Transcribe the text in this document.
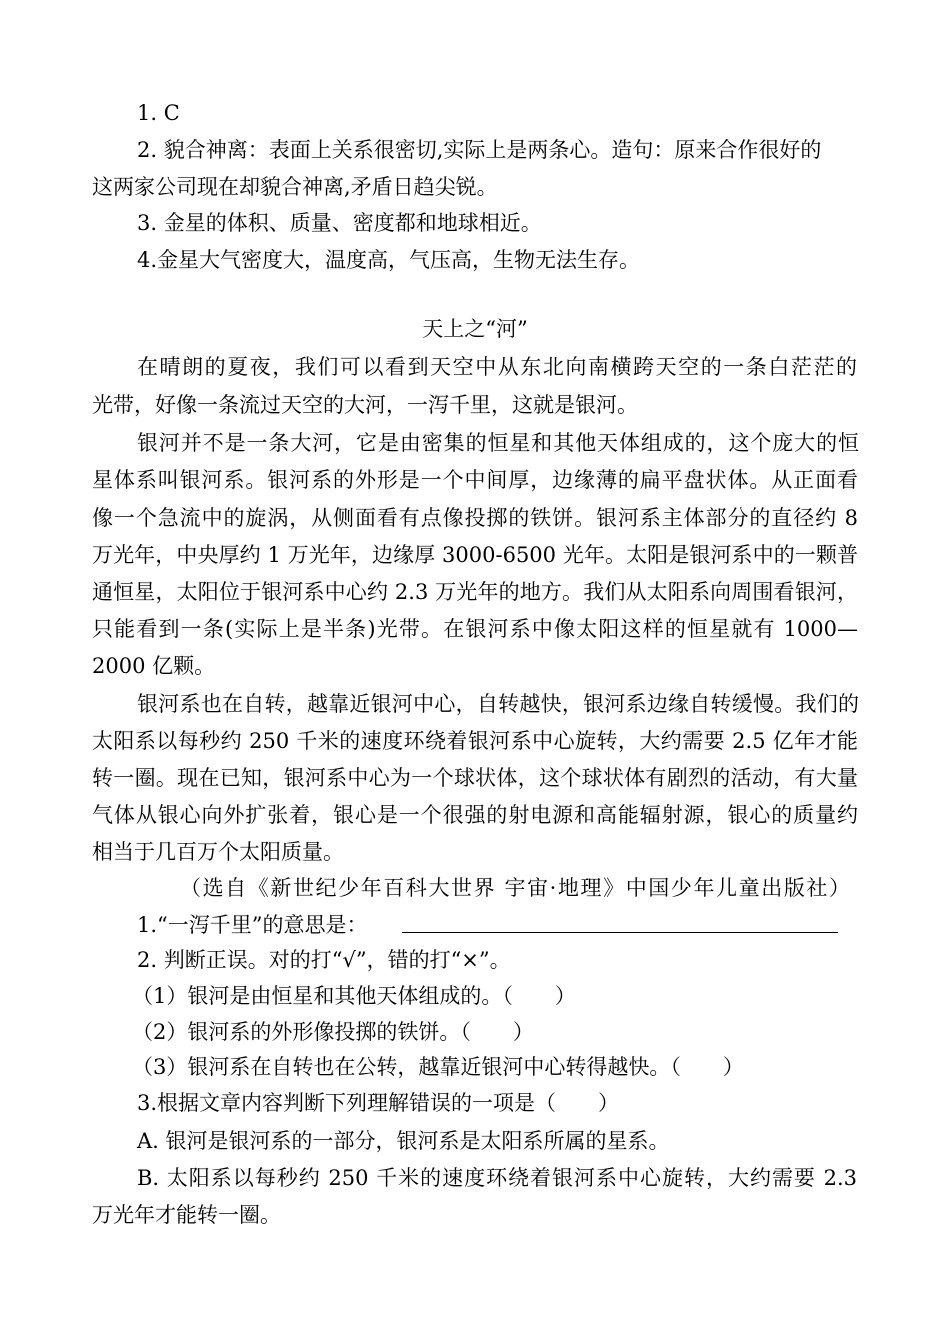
1. C
2. 貌合神离：表面上关系很密切,实际上是两条心。造句：原来合作很好的
这两家公司现在却貌合神离,矛盾日趋尖锐。
3. 金星的体积、质量、密度都和地球相近。
4.金星大气密度大，温度高，气压高，生物无法生存。
天上之“河”
在晴朗的夏夜，我们可以看到天空中从东北向南横跨天空的一条白茫茫的
光带，好像一条流过天空的大河，一泻千里，这就是银河。
银河并不是一条大河，它是由密集的恒星和其他天体组成的，这个庞大的恒
星体系叫银河系。银河系的外形是一个中间厚，边缘薄的扁平盘状体。从正面看
像一个急流中的旋涡，从侧面看有点像投掷的铁饼。银河系主体部分的直径约 8
万光年，中央厚约 1 万光年，边缘厚 3000-6500 光年。太阳是银河系中的一颗普
通恒星，太阳位于银河系中心约 2.3 万光年的地方。我们从太阳系向周围看银河，
只能看到一条(实际上是半条)光带。在银河系中像太阳这样的恒星就有 1000—
2000 亿颗。
银河系也在自转，越靠近银河中心，自转越快，银河系边缘自转缓慢。我们的
太阳系以每秒约 250 千米的速度环绕着银河系中心旋转，大约需要 2.5 亿年才能
转一圈。现在已知，银河系中心为一个球状体，这个球状体有剧烈的活动，有大量
气体从银心向外扩张着，银心是一个很强的射电源和高能辐射源，银心的质量约
相当于几百万个太阳质量。
（选自《新世纪少年百科大世界 宇宙·地理》中国少年儿童出版社）
1.“一泻千里”的意思是：
2. 判断正误。对的打“√”，错的打“×”。
（1）银河是由恒星和其他天体组成的。（　　）
（2）银河系的外形像投掷的铁饼。（　　）
（3）银河系在自转也在公转，越靠近银河中心转得越快。（　　）
3.根据文章内容判断下列理解错误的一项是（　　）
A. 银河是银河系的一部分，银河系是太阳系所属的星系。
B. 太阳系以每秒约 250 千米的速度环绕着银河系中心旋转，大约需要 2.3
万光年才能转一圈。
